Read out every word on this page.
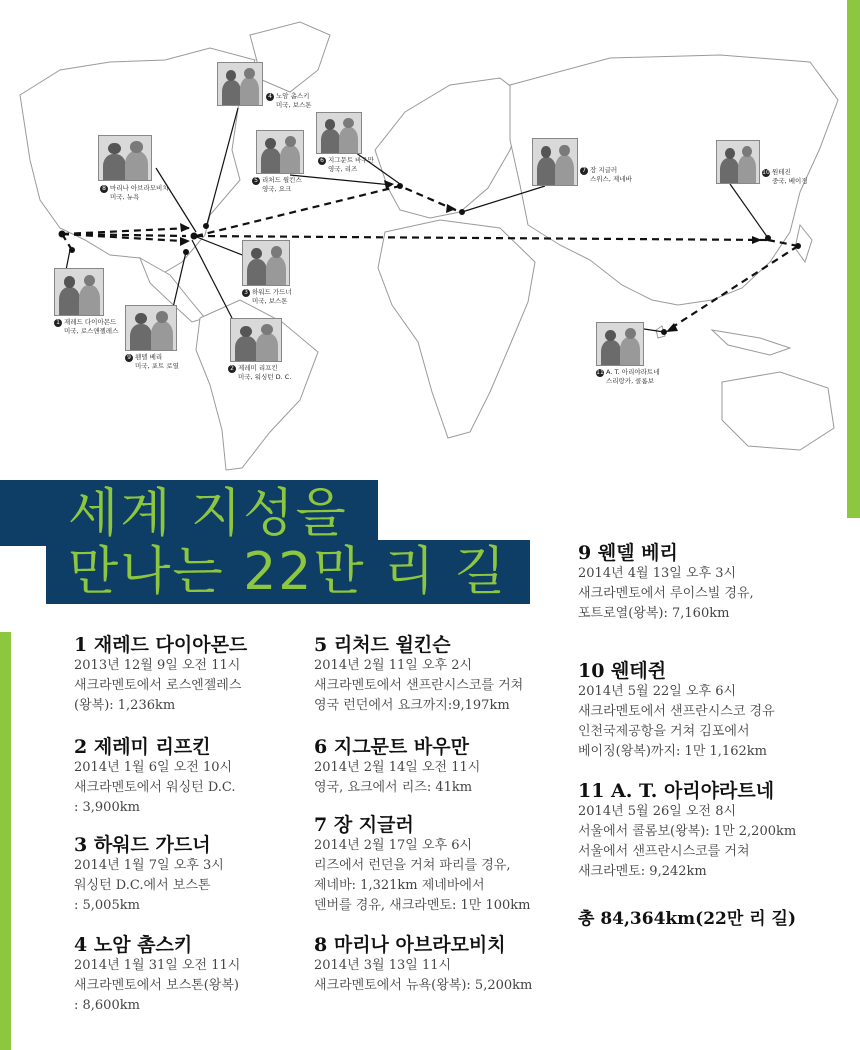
4 노암 촘스키
미국, 보스톤
6 지그문트 바우만
영국, 리즈
5 리처드 윌킨스
영국, 요크
8 마리나 아브라모비치
미국, 뉴욕
7 장 지글러
스위스, 제네바
10 원테진
중국, 베이징
3 하워드 가드너
미국, 보스톤
1 재레드 다이아몬드
미국, 로스앤젤레스
9 웬델 베리
미국, 포트 로열	2 제레미 리프킨
미국, 워싱턴 D. C.
11 A. T. 아리야라트네
스리랑카, 콜롬보
세계 지성을
만나는 22만 리 길
1 재레드 다이아몬드
2013년 12월 9일 오전 11시
새크라멘토에서 로스엔젤레스
(왕복): 1,236km
2 제레미 리프킨
2014년 1월 6일 오전 10시
새크라멘토에서 워싱턴 D.C.
: 3,900km
3 하워드 가드너
2014년 1월 7일 오후 3시
워싱턴 D.C.에서 보스톤
: 5,005km
4 노암 촘스키
2014년 1월 31일 오전 11시
새크라멘토에서 보스톤(왕복)
: 8,600km
5 리처드 윌킨슨
2014년 2월 11일 오후 2시
새크라멘토에서 샌프란시스코를 거쳐
영국 런던에서 요크까지:9,197km
6 지그문트 바우만
2014년 2월 14일 오전 11시
영국, 요크에서 리즈: 41km
7 장 지글러
2014년 2월 17일 오후 6시
리즈에서 런던을 거쳐 파리를 경유,
제네바: 1,321km 제네바에서
덴버를 경유, 새크라멘토: 1만 100km
8 마리나 아브라모비치
2014년 3월 13일 11시
새크라멘토에서 뉴욕(왕복): 5,200km
9 웬델 베리
2014년 4월 13일 오후 3시
새크라멘토에서 루이스빌 경유,
포트로열(왕복): 7,160km
10 웬테쥔
2014년 5월 22일 오후 6시
새크라멘토에서 샌프란시스코 경유
인천국제공항을 거쳐 김포에서
베이징(왕복)까지: 1만 1,162km
11 A. T. 아리야라트네
2014년 5월 26일 오전 8시
서울에서 콜롬보(왕복): 1만 2,200km
서울에서 샌프란시스코를 거쳐
새크라멘토: 9,242km
총 84,364km(22만 리 길)
